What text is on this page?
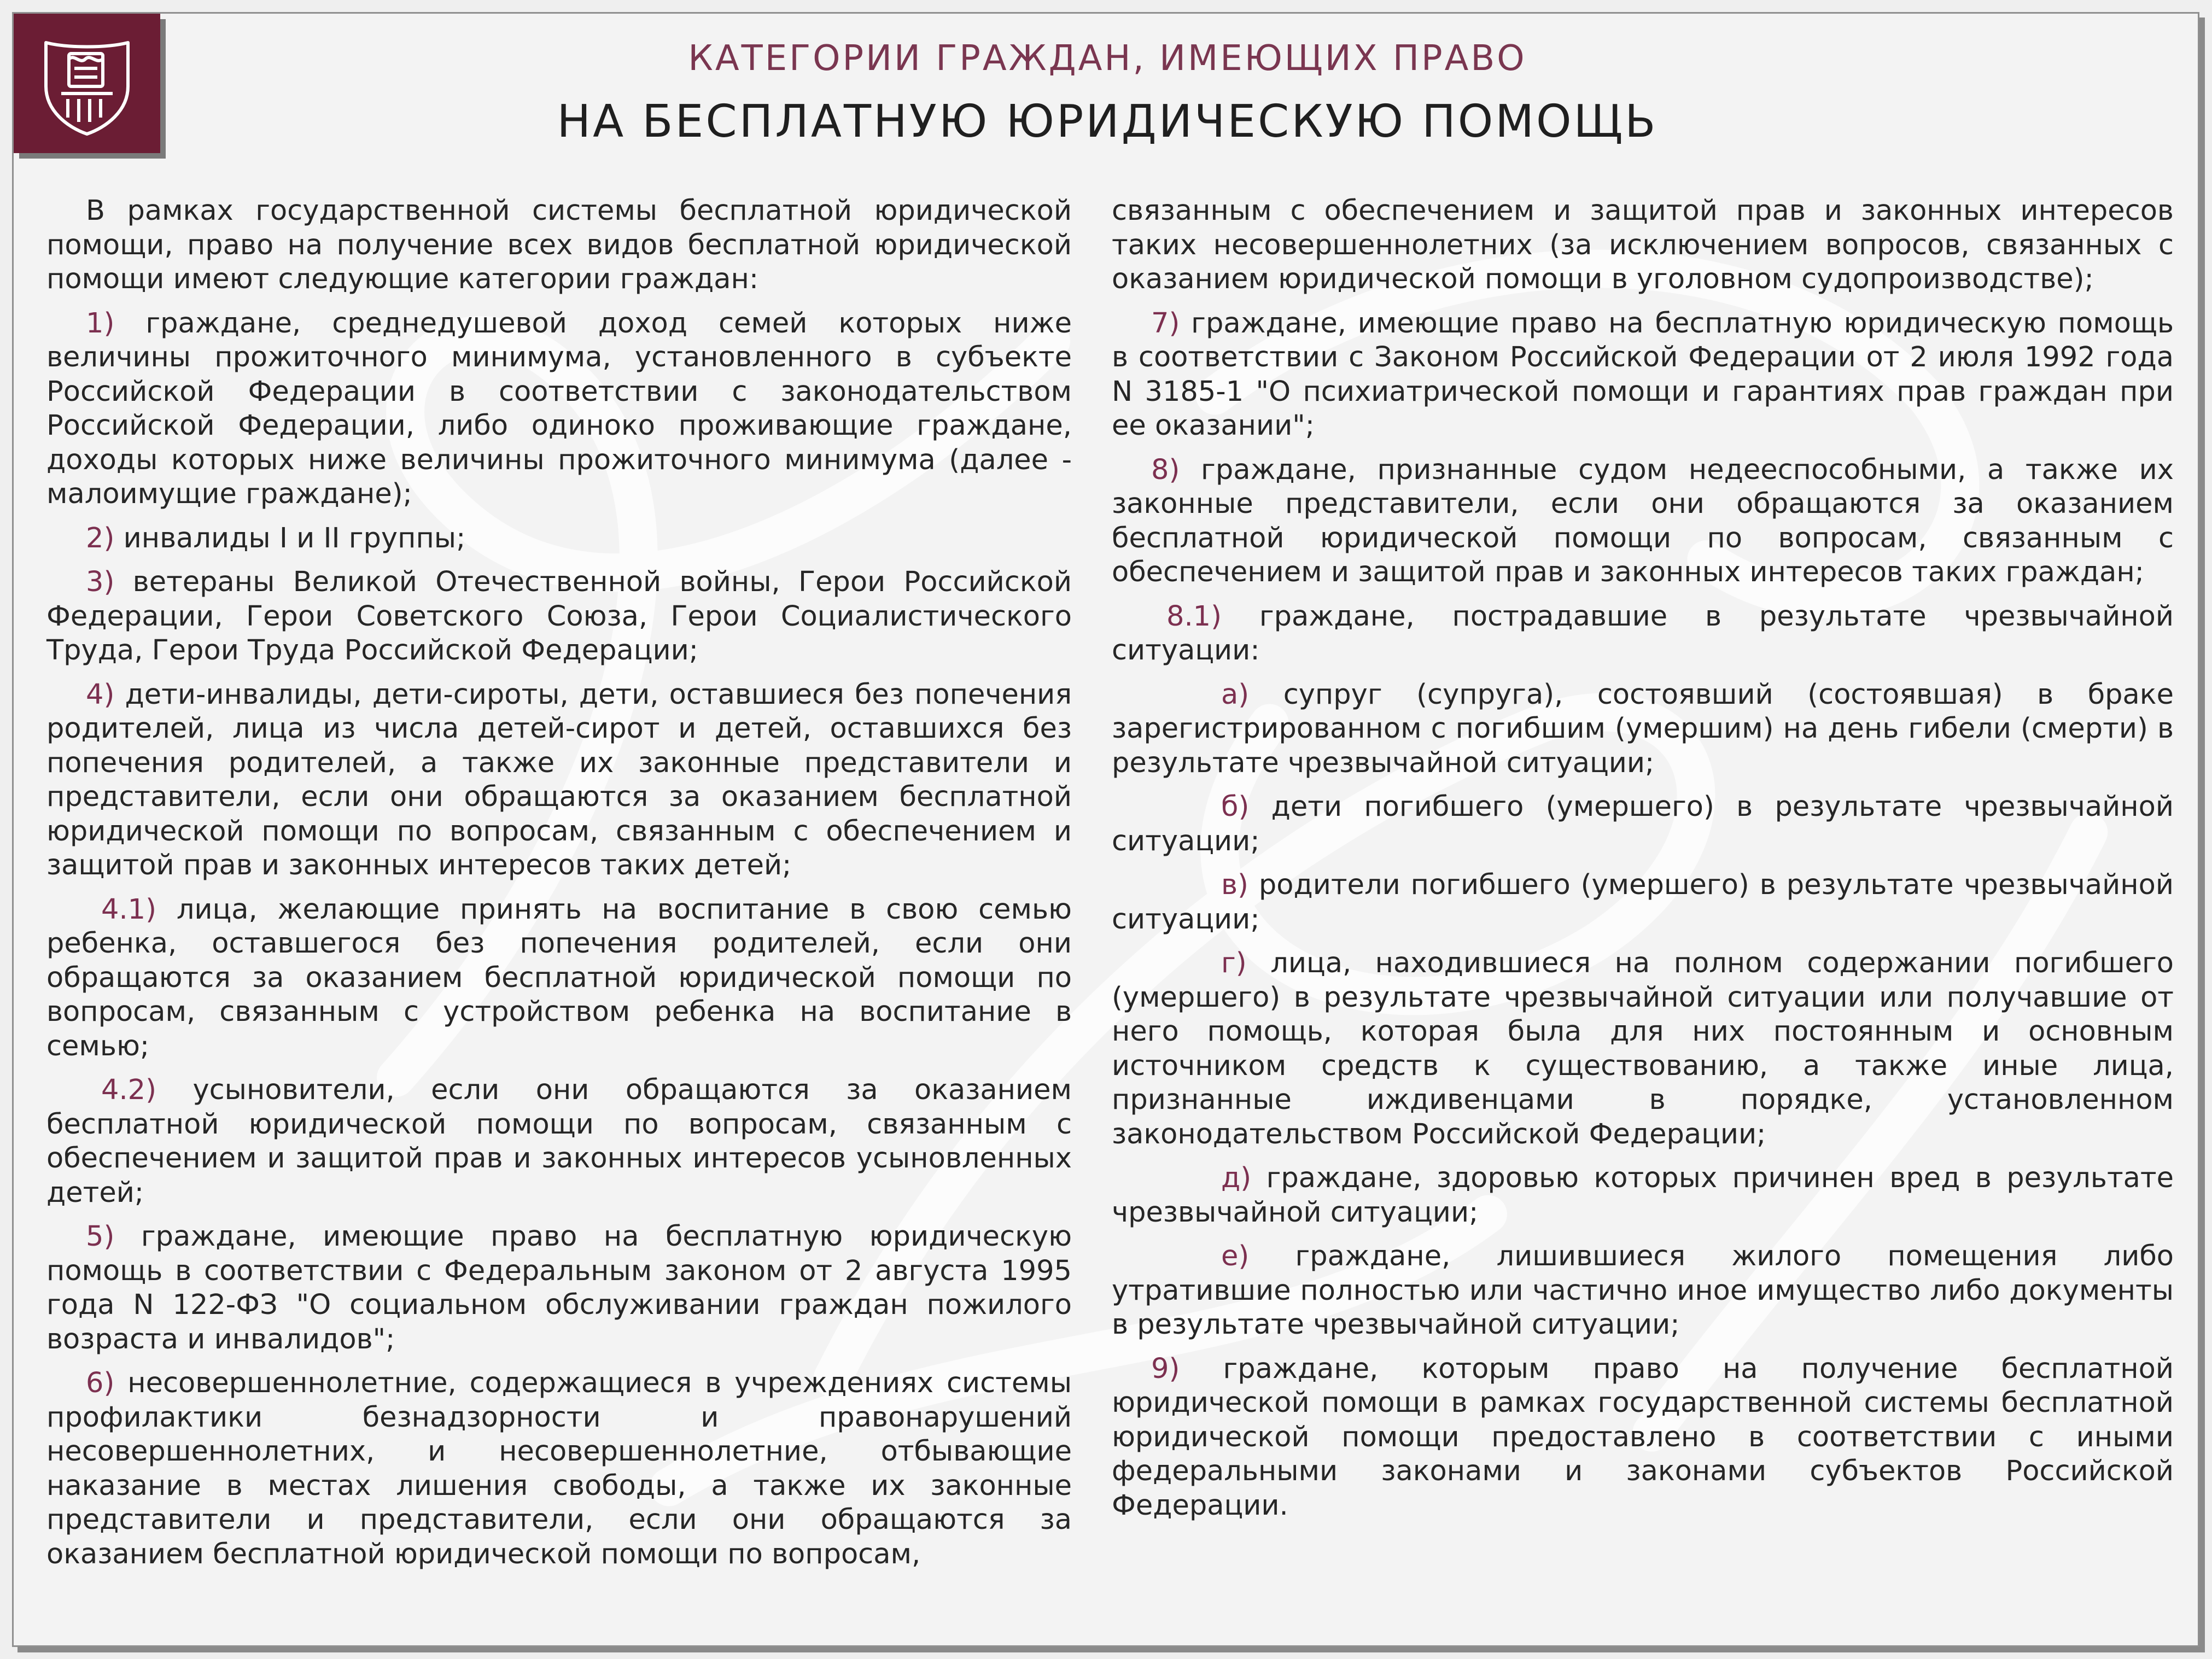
КАТЕГОРИИ ГРАЖДАН, ИМЕЮЩИХ ПРАВО
НА БЕСПЛАТНУЮ ЮРИДИЧЕСКУЮ ПОМОЩЬ

В рамках государственной системы бесплатной юридической помощи, право на получение всех видов бесплатной юридической помощи имеют следующие категории граждан:

1) граждане, среднедушевой доход семей которых ниже величины прожиточного минимума, установленного в субъекте Российской Федерации в соответствии с законодательством Российской Федерации, либо одиноко проживающие граждане, доходы которых ниже величины прожиточного минимума (далее - малоимущие граждане);

2) инвалиды I и II группы;

3) ветераны Великой Отечественной войны, Герои Российской Федерации, Герои Советского Союза, Герои Социалистического Труда, Герои Труда Российской Федерации;

4) дети-инвалиды, дети-сироты, дети, оставшиеся без попечения родителей, лица из числа детей-сирот и детей, оставшихся без попечения родителей, а также их законные представители и представители, если они обращаются за оказанием бесплатной юридической помощи по вопросам, связанным с обеспечением и защитой прав и законных интересов таких детей;

4.1) лица, желающие принять на воспитание в свою семью ребенка, оставшегося без попечения родителей, если они обращаются за оказанием бесплатной юридической помощи по вопросам, связанным с устройством ребенка на воспитание в семью;

4.2) усыновители, если они обращаются за оказанием бесплатной юридической помощи по вопросам, связанным с обеспечением и защитой прав и законных интересов усыновленных детей;

5) граждане, имеющие право на бесплатную юридическую помощь в соответствии с Федеральным законом от 2 августа 1995 года N 122-ФЗ "О социальном обслуживании граждан пожилого возраста и инвалидов";

6) несовершеннолетние, содержащиеся в учреждениях системы профилактики безнадзорности и правонарушений несовершеннолетних, и несовершеннолетние, отбывающие наказание в местах лишения свободы, а также их законные представители и представители, если они обращаются за оказанием бесплатной юридической помощи по вопросам,

связанным с обеспечением и защитой прав и законных интересов таких несовершеннолетних (за исключением вопросов, связанных с оказанием юридической помощи в уголовном судопроизводстве);

7) граждане, имеющие право на бесплатную юридическую помощь в соответствии с Законом Российской Федерации от 2 июля 1992 года N 3185-1 "О психиатрической помощи и гарантиях прав граждан при ее оказании";

8) граждане, признанные судом недееспособными, а также их законные представители, если они обращаются за оказанием бесплатной юридической помощи по вопросам, связанным с обеспечением и защитой прав и законных интересов таких граждан;

8.1) граждане, пострадавшие в результате чрезвычайной ситуации:

а) супруг (супруга), состоявший (состоявшая) в браке зарегистрированном с погибшим (умершим) на день гибели (смерти) в результате чрезвычайной ситуации;

б) дети погибшего (умершего) в результате чрезвычайной ситуации;

в) родители погибшего (умершего) в результате чрезвычайной ситуации;

г) лица, находившиеся на полном содержании погибшего (умершего) в результате чрезвычайной ситуации или получавшие от него помощь, которая была для них постоянным и основным источником средств к существованию, а также иные лица, признанные иждивенцами в порядке, установленном законодательством Российской Федерации;

д) граждане, здоровью которых причинен вред в результате чрезвычайной ситуации;

е) граждане, лишившиеся жилого помещения либо утратившие полностью или частично иное имущество либо документы в результате чрезвычайной ситуации;

9) граждане, которым право на получение бесплатной юридической помощи в рамках государственной системы бесплатной юридической помощи предоставлено в соответствии с иными федеральными законами и законами субъектов Российской Федерации.
